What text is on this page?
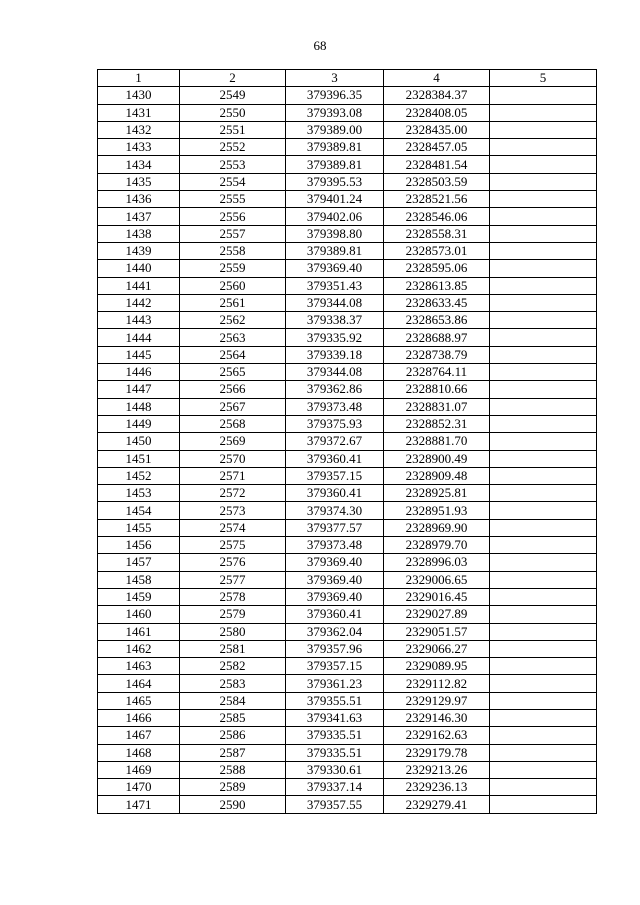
68
1	2	3	4	5
1430	2549	379396.35	2328384.37	
1431	2550	379393.08	2328408.05	
1432	2551	379389.00	2328435.00	
1433	2552	379389.81	2328457.05	
1434	2553	379389.81	2328481.54	
1435	2554	379395.53	2328503.59	
1436	2555	379401.24	2328521.56	
1437	2556	379402.06	2328546.06	
1438	2557	379398.80	2328558.31	
1439	2558	379389.81	2328573.01	
1440	2559	379369.40	2328595.06	
1441	2560	379351.43	2328613.85	
1442	2561	379344.08	2328633.45	
1443	2562	379338.37	2328653.86	
1444	2563	379335.92	2328688.97	
1445	2564	379339.18	2328738.79	
1446	2565	379344.08	2328764.11	
1447	2566	379362.86	2328810.66	
1448	2567	379373.48	2328831.07	
1449	2568	379375.93	2328852.31	
1450	2569	379372.67	2328881.70	
1451	2570	379360.41	2328900.49	
1452	2571	379357.15	2328909.48	
1453	2572	379360.41	2328925.81	
1454	2573	379374.30	2328951.93	
1455	2574	379377.57	2328969.90	
1456	2575	379373.48	2328979.70	
1457	2576	379369.40	2328996.03	
1458	2577	379369.40	2329006.65	
1459	2578	379369.40	2329016.45	
1460	2579	379360.41	2329027.89	
1461	2580	379362.04	2329051.57	
1462	2581	379357.96	2329066.27	
1463	2582	379357.15	2329089.95	
1464	2583	379361.23	2329112.82	
1465	2584	379355.51	2329129.97	
1466	2585	379341.63	2329146.30	
1467	2586	379335.51	2329162.63	
1468	2587	379335.51	2329179.78	
1469	2588	379330.61	2329213.26	
1470	2589	379337.14	2329236.13	
1471	2590	379357.55	2329279.41	
